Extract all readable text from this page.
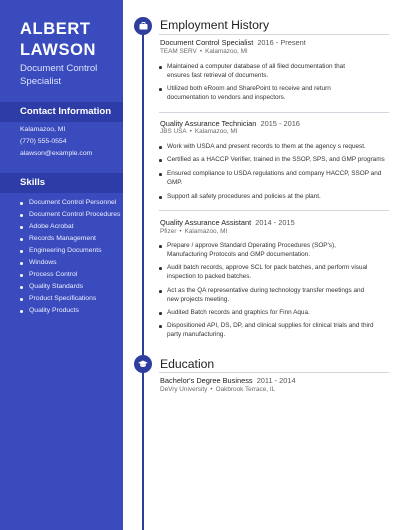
ALBERT
LAWSON
Document Control
Specialist
Contact Information
Kalamazoo, MI
(770) 555-0554
alawson@example.com
Skills
Document Control Personnel
Document Control Procedures
Adobe Acrobat
Records Management
Engineering Documents
Windows
Process Control
Quality Standards
Product Specifications
Quality Products
Employment History
Document Control Specialist 2016 - Present
TEAM SERV • Kalamazoo, MI
Maintained a computer database of all filed documentation that
ensures fast retrieval of documents.
Utilized both eRoom and SharePoint to receive and return
documentation to vendors and inspectors.
Quality Assurance Technician 2015 - 2016
JBS USA • Kalamazoo, MI
Work with USDA and present records to them at the agency s request.
Certified as a HACCP Verifier, trained in the SSOP, SPS, and GMP programs
Ensured compliance to USDA regulations and company HACCP, SSOP and
GMP.
Support all safety procedures and policies at the plant.
Quality Assurance Assistant 2014 - 2015
Pfizer • Kalamazoo, MI
Prepare / approve Standard Operating Procedures (SOP's),
Manufacturing Protocols and GMP documentation.
Audit batch records, approve SCL for pack batches, and perform visual
inspection to packed batches.
Act as the QA representative during technology transfer meetings and
new projects meeting.
Audited Batch records and graphics for Finn Aqua.
Dispositioned API, DS, DP, and clinical supplies for clinical trials and third
party manufacturing.
Education
Bachelor's Degree Business 2011 - 2014
DeVry University • Oakbrook Terrace, IL
